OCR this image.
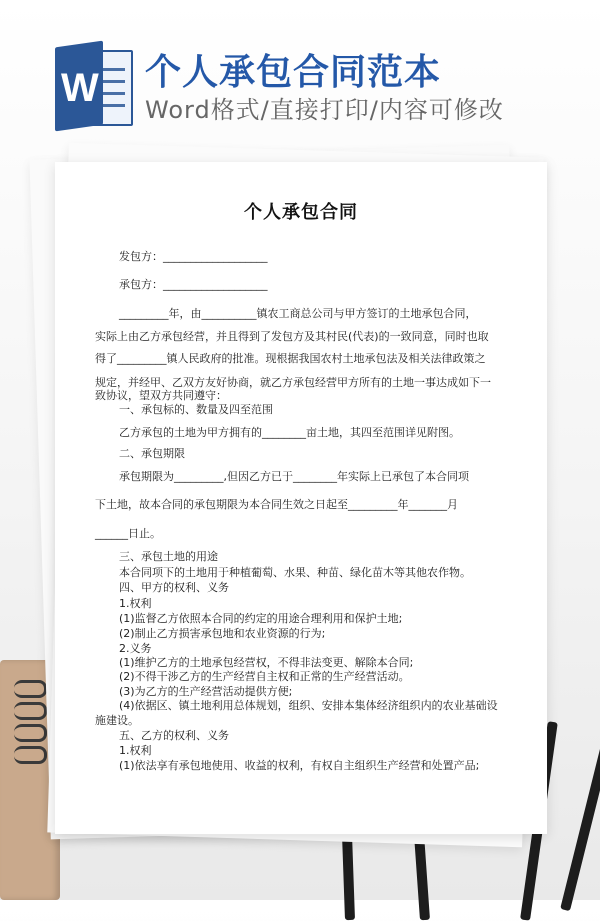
W 个人承包合同范本
Word格式/直接打印/内容可修改
个人承包合同
发包方：___________________
承包方：___________________
_________年，由__________镇农工商总公司与甲方签订的土地承包合同，
实际上由乙方承包经营，并且得到了发包方及其村民(代表)的一致同意，同时也取
得了_________镇人民政府的批准。现根据我国农村土地承包法及相关法律政策之
规定，并经甲、乙双方友好协商，就乙方承包经营甲方所有的土地一事达成如下一
致协议，望双方共同遵守：
一、承包标的、数量及四至范围
乙方承包的土地为甲方拥有的________亩土地，其四至范围详见附图。
二、承包期限
承包期限为_________,但因乙方已于________年实际上已承包了本合同项
下土地，故本合同的承包期限为本合同生效之日起至_________年_______月
______日止。
三、承包土地的用途
本合同项下的土地用于种植葡萄、水果、种苗、绿化苗木等其他农作物。
四、甲方的权利、义务
1.权利
(1)监督乙方依照本合同的约定的用途合理利用和保护土地;
(2)制止乙方损害承包地和农业资源的行为;
2.义务
(1)维护乙方的土地承包经营权，不得非法变更、解除本合同;
(2)不得干涉乙方的生产经营自主权和正常的生产经营活动。
(3)为乙方的生产经营活动提供方便;
(4)依据区、镇土地利用总体规划，组织、安排本集体经济组织内的农业基础设
施建设。
五、乙方的权利、义务
1.权利
(1)依法享有承包地使用、收益的权利，有权自主组织生产经营和处置产品;
